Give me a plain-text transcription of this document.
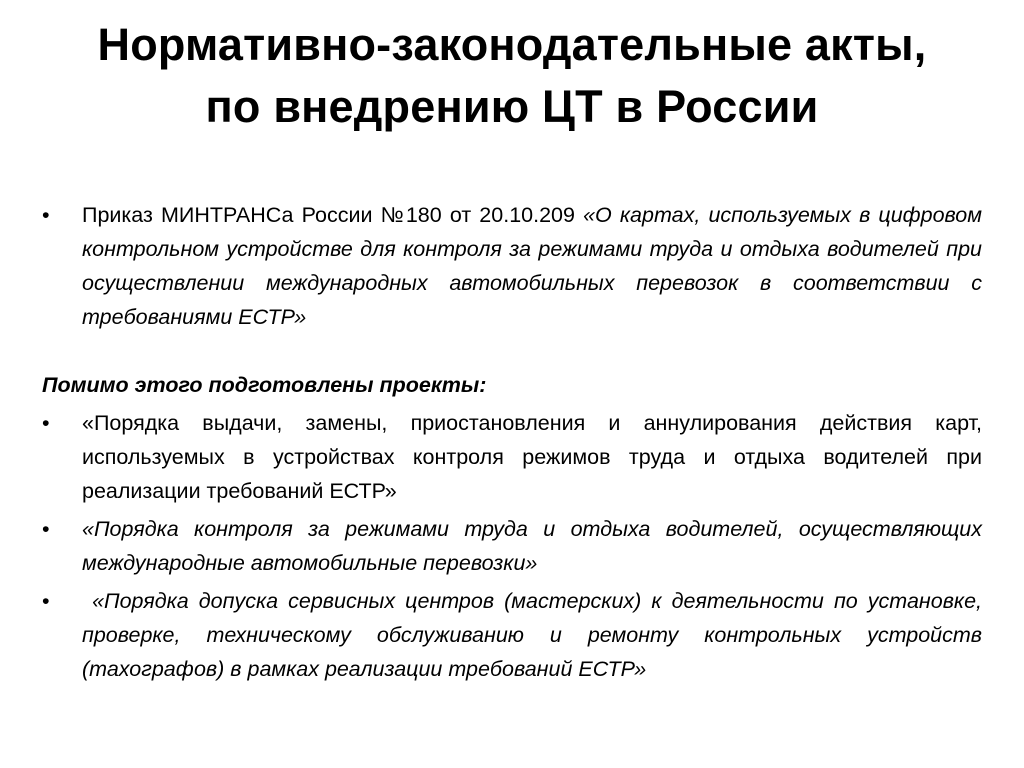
Нормативно-законодательные акты,
по внедрению ЦТ в России
•	Приказ МИНТРАНСа России №180 от 20.10.209 «О картах, используемых в цифровом контрольном устройстве для контроля за режимами труда и отдыха водителей при осуществлении международных автомобильных перевозок в соответствии с требованиями ЕСТР»
Помимо этого подготовлены проекты:
•	«Порядка выдачи, замены, приостановления и аннулирования действия карт, используемых в устройствах контроля режимов труда и отдыха водителей при реализации требований ЕСТР»
•	«Порядка контроля за режимами труда и отдыха водителей, осуществляющих международные автомобильные перевозки»
•	«Порядка допуска сервисных центров (мастерских) к деятельности по установке, проверке, техническому обслуживанию и ремонту контрольных устройств (тахографов) в рамках реализации требований ЕСТР»
